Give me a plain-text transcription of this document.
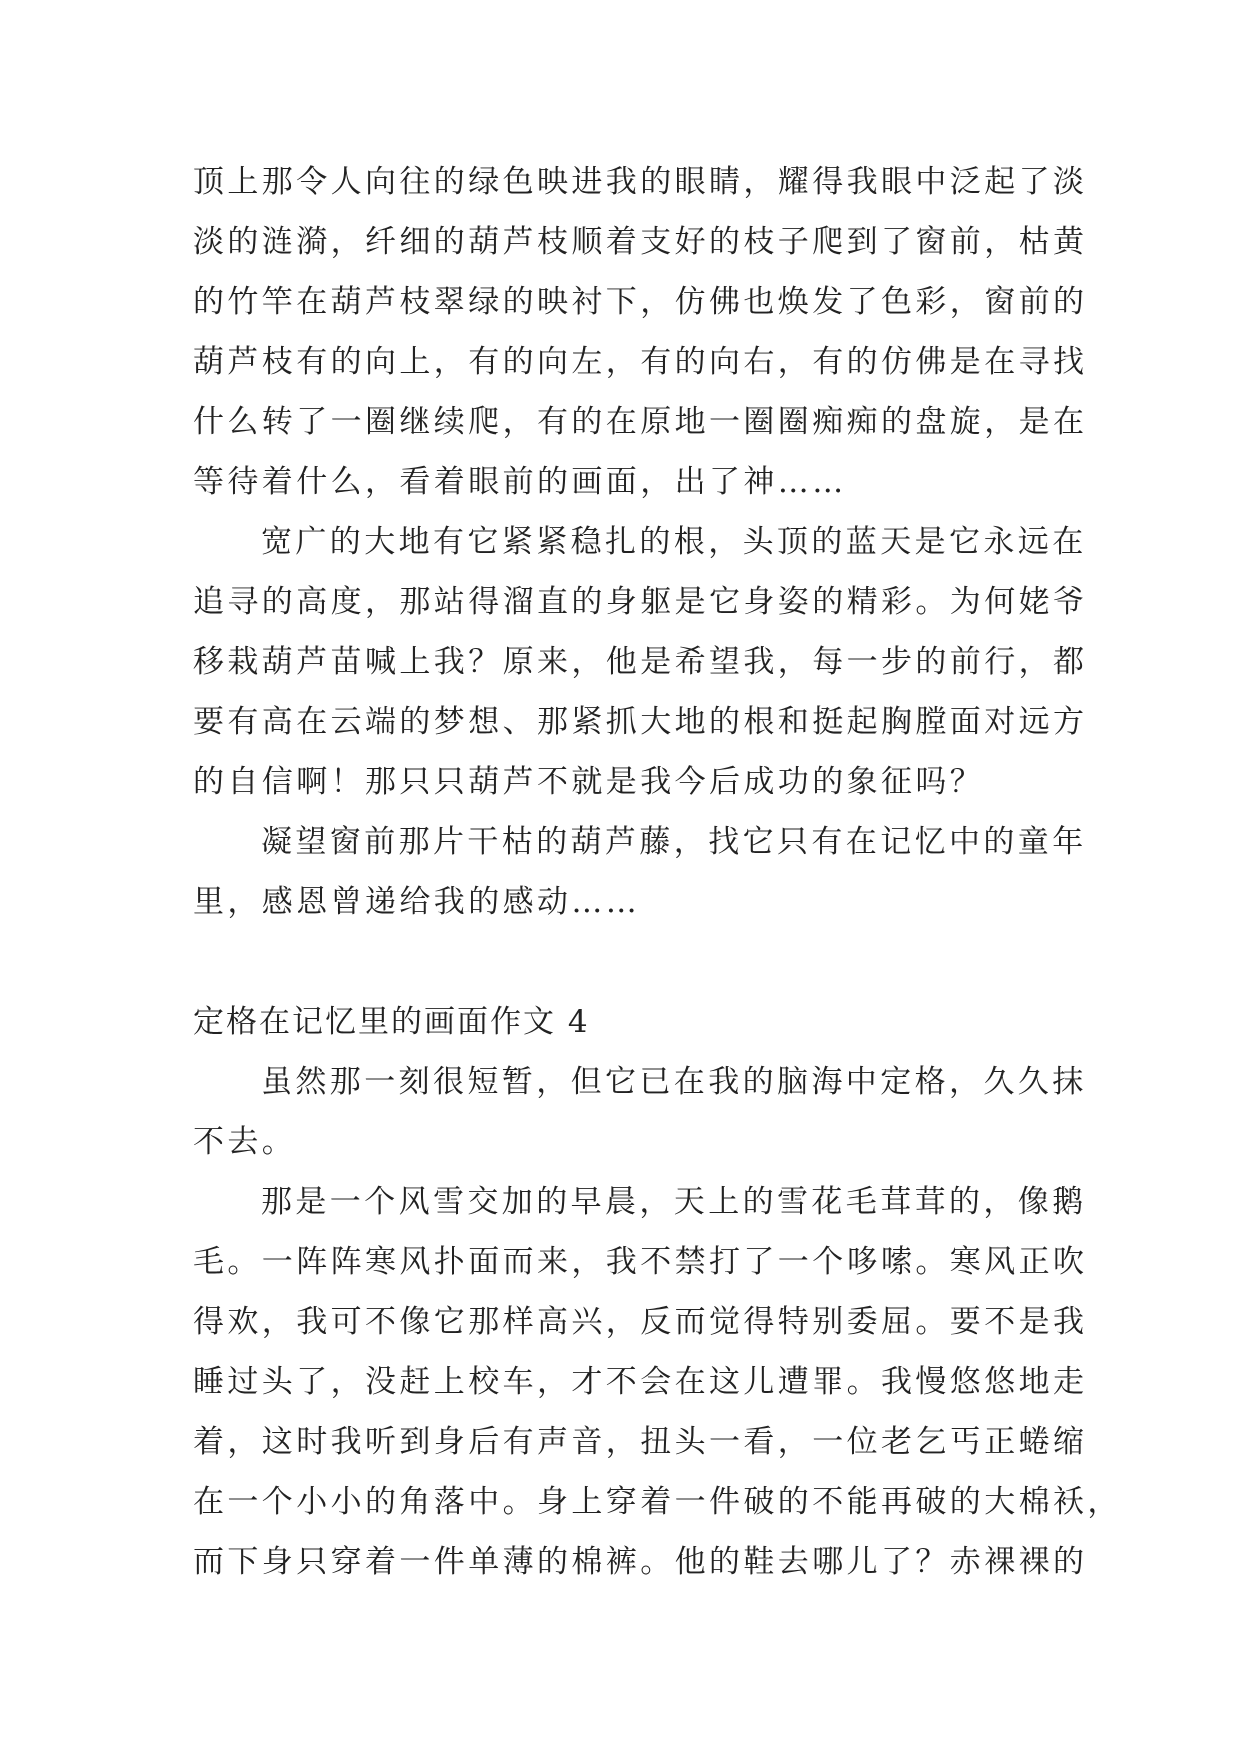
顶上那令人向往的绿色映进我的眼睛，耀得我眼中泛起了淡
淡的涟漪，纤细的葫芦枝顺着支好的枝子爬到了窗前，枯黄
的竹竿在葫芦枝翠绿的映衬下，仿佛也焕发了色彩，窗前的
葫芦枝有的向上，有的向左，有的向右，有的仿佛是在寻找
什么转了一圈继续爬，有的在原地一圈圈痴痴的盘旋，是在
等待着什么，看着眼前的画面，出了神……
宽广的大地有它紧紧稳扎的根，头顶的蓝天是它永远在
追寻的高度，那站得溜直的身躯是它身姿的精彩。为何姥爷
移栽葫芦苗喊上我？原来，他是希望我，每一步的前行，都
要有高在云端的梦想、那紧抓大地的根和挺起胸膛面对远方
的自信啊！那只只葫芦不就是我今后成功的象征吗？
凝望窗前那片干枯的葫芦藤，找它只有在记忆中的童年
里，感恩曾递给我的感动……
定格在记忆里的画面作文 4
虽然那一刻很短暂，但它已在我的脑海中定格，久久抹
不去。
那是一个风雪交加的早晨，天上的雪花毛茸茸的，像鹅
毛。一阵阵寒风扑面而来，我不禁打了一个哆嗦。寒风正吹
得欢，我可不像它那样高兴，反而觉得特别委屈。要不是我
睡过头了，没赶上校车，才不会在这儿遭罪。我慢悠悠地走
着，这时我听到身后有声音，扭头一看，一位老乞丐正蜷缩
在一个小小的角落中。身上穿着一件破的不能再破的大棉袄，
而下身只穿着一件单薄的棉裤。他的鞋去哪儿了？赤裸裸的
